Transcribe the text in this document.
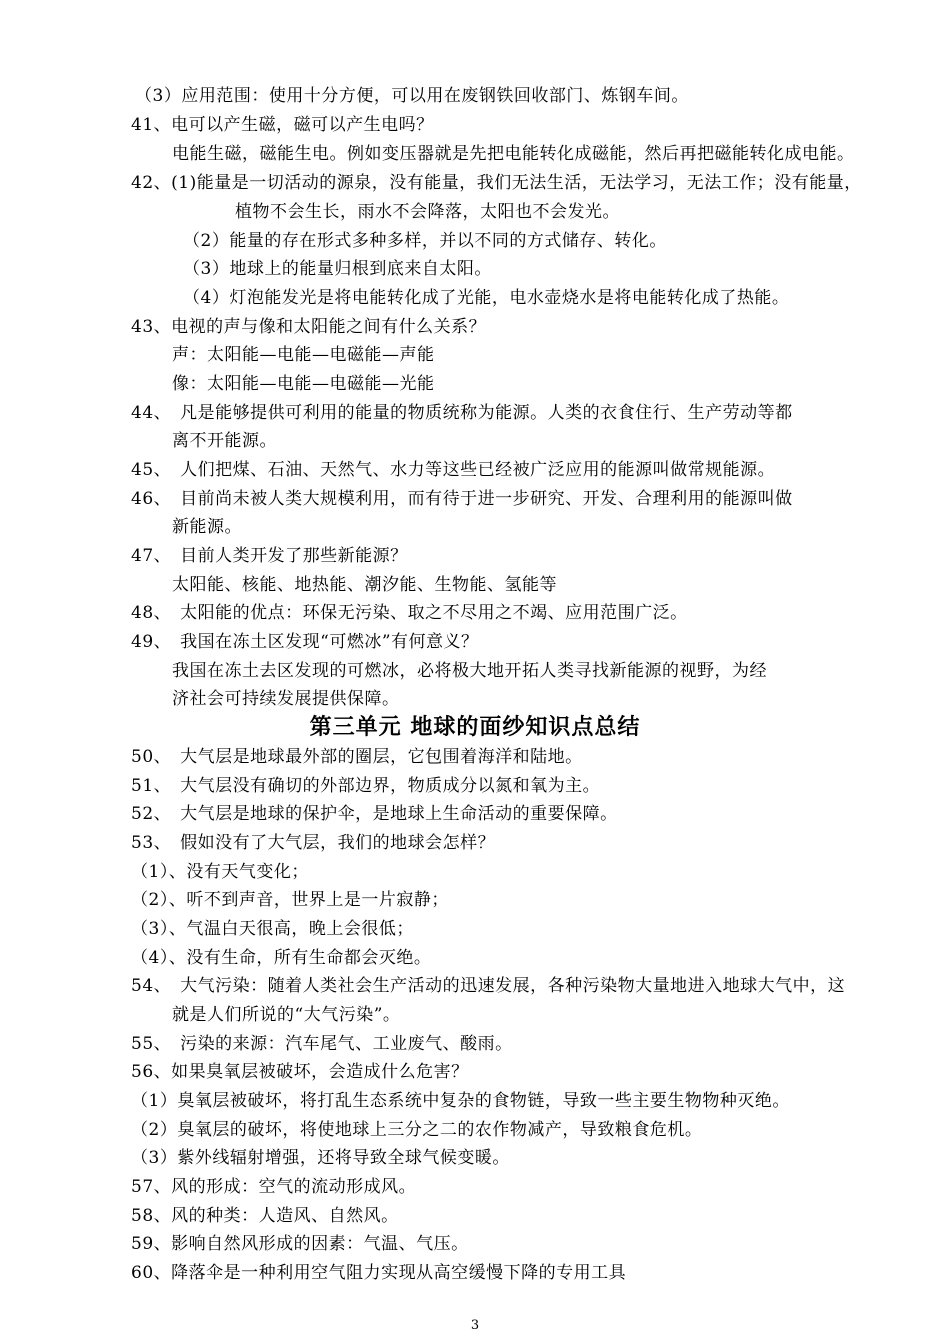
（3）应用范围：使用十分方便，可以用在废钢铁回收部门、炼钢车间。
41、电可以产生磁，磁可以产生电吗？
电能生磁，磁能生电。例如变压器就是先把电能转化成磁能，然后再把磁能转化成电能。
42、(1)能量是一切活动的源泉，没有能量，我们无法生活，无法学习，无法工作；没有能量，
植物不会生长，雨水不会降落，太阳也不会发光。
（2）能量的存在形式多种多样，并以不同的方式储存、转化。
（3）地球上的能量归根到底来自太阳。
（4）灯泡能发光是将电能转化成了光能，电水壶烧水是将电能转化成了热能。
43、电视的声与像和太阳能之间有什么关系？
声：太阳能—电能—电磁能—声能
像：太阳能—电能—电磁能—光能
44、　凡是能够提供可利用的能量的物质统称为能源。人类的衣食住行、生产劳动等都
离不开能源。
45、　人们把煤、石油、天然气、水力等这些已经被广泛应用的能源叫做常规能源。
46、　目前尚未被人类大规模利用，而有待于进一步研究、开发、合理利用的能源叫做
新能源。
47、　目前人类开发了那些新能源？
太阳能、核能、地热能、潮汐能、生物能、氢能等
48、　太阳能的优点：环保无污染、取之不尽用之不竭、应用范围广泛。
49、　我国在冻土区发现“可燃冰”有何意义？
我国在冻土去区发现的可燃冰，必将极大地开拓人类寻找新能源的视野，为经
济社会可持续发展提供保障。
第三单元 地球的面纱知识点总结
50、　大气层是地球最外部的圈层，它包围着海洋和陆地。
51、　大气层没有确切的外部边界，物质成分以氮和氧为主。
52、　大气层是地球的保护伞，是地球上生命活动的重要保障。
53、　假如没有了大气层，我们的地球会怎样？
（1）、没有天气变化；
（2）、听不到声音，世界上是一片寂静；
（3）、气温白天很高，晚上会很低；
（4）、没有生命，所有生命都会灭绝。
54、　大气污染：随着人类社会生产活动的迅速发展，各种污染物大量地进入地球大气中，这
就是人们所说的“大气污染”。
55、　污染的来源：汽车尾气、工业废气、酸雨。
56、如果臭氧层被破坏，会造成什么危害？
（1）臭氧层被破坏，将打乱生态系统中复杂的食物链，导致一些主要生物物种灭绝。
（2）臭氧层的破坏，将使地球上三分之二的农作物减产，导致粮食危机。
（3）紫外线辐射增强，还将导致全球气候变暖。
57、风的形成：空气的流动形成风。
58、风的种类：人造风、自然风。
59、影响自然风形成的因素：气温、气压。
60、降落伞是一种利用空气阻力实现从高空缓慢下降的专用工具
3
